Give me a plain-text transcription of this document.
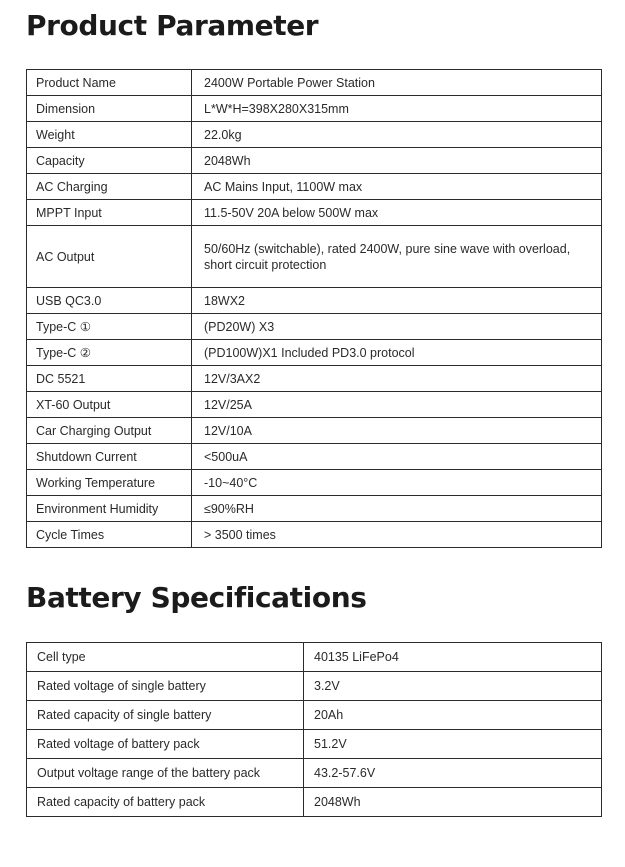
Product Parameter
Product Name	2400W Portable Power Station
Dimension	L*W*H=398X280X315mm
Weight	22.0kg
Capacity	2048Wh
AC Charging	AC Mains Input, 1100W max
MPPT Input	11.5-50V 20A below 500W max
AC Output	50/60Hz (switchable), rated 2400W, pure sine wave with overload, short circuit protection
USB QC3.0	18WX2
Type-C ①	(PD20W) X3
Type-C ②	(PD100W)X1 Included PD3.0 protocol
DC 5521	12V/3AX2
XT-60 Output	12V/25A
Car Charging Output	12V/10A
Shutdown Current	<500uA
Working Temperature	-10~40°C
Environment Humidity	≤90%RH
Cycle Times	> 3500 times
Battery Specifications
Cell type	40135 LiFePo4
Rated voltage of single battery	3.2V
Rated capacity of single battery	20Ah
Rated voltage of battery pack	51.2V
Output voltage range of the battery pack	43.2-57.6V
Rated capacity of battery pack	2048Wh
